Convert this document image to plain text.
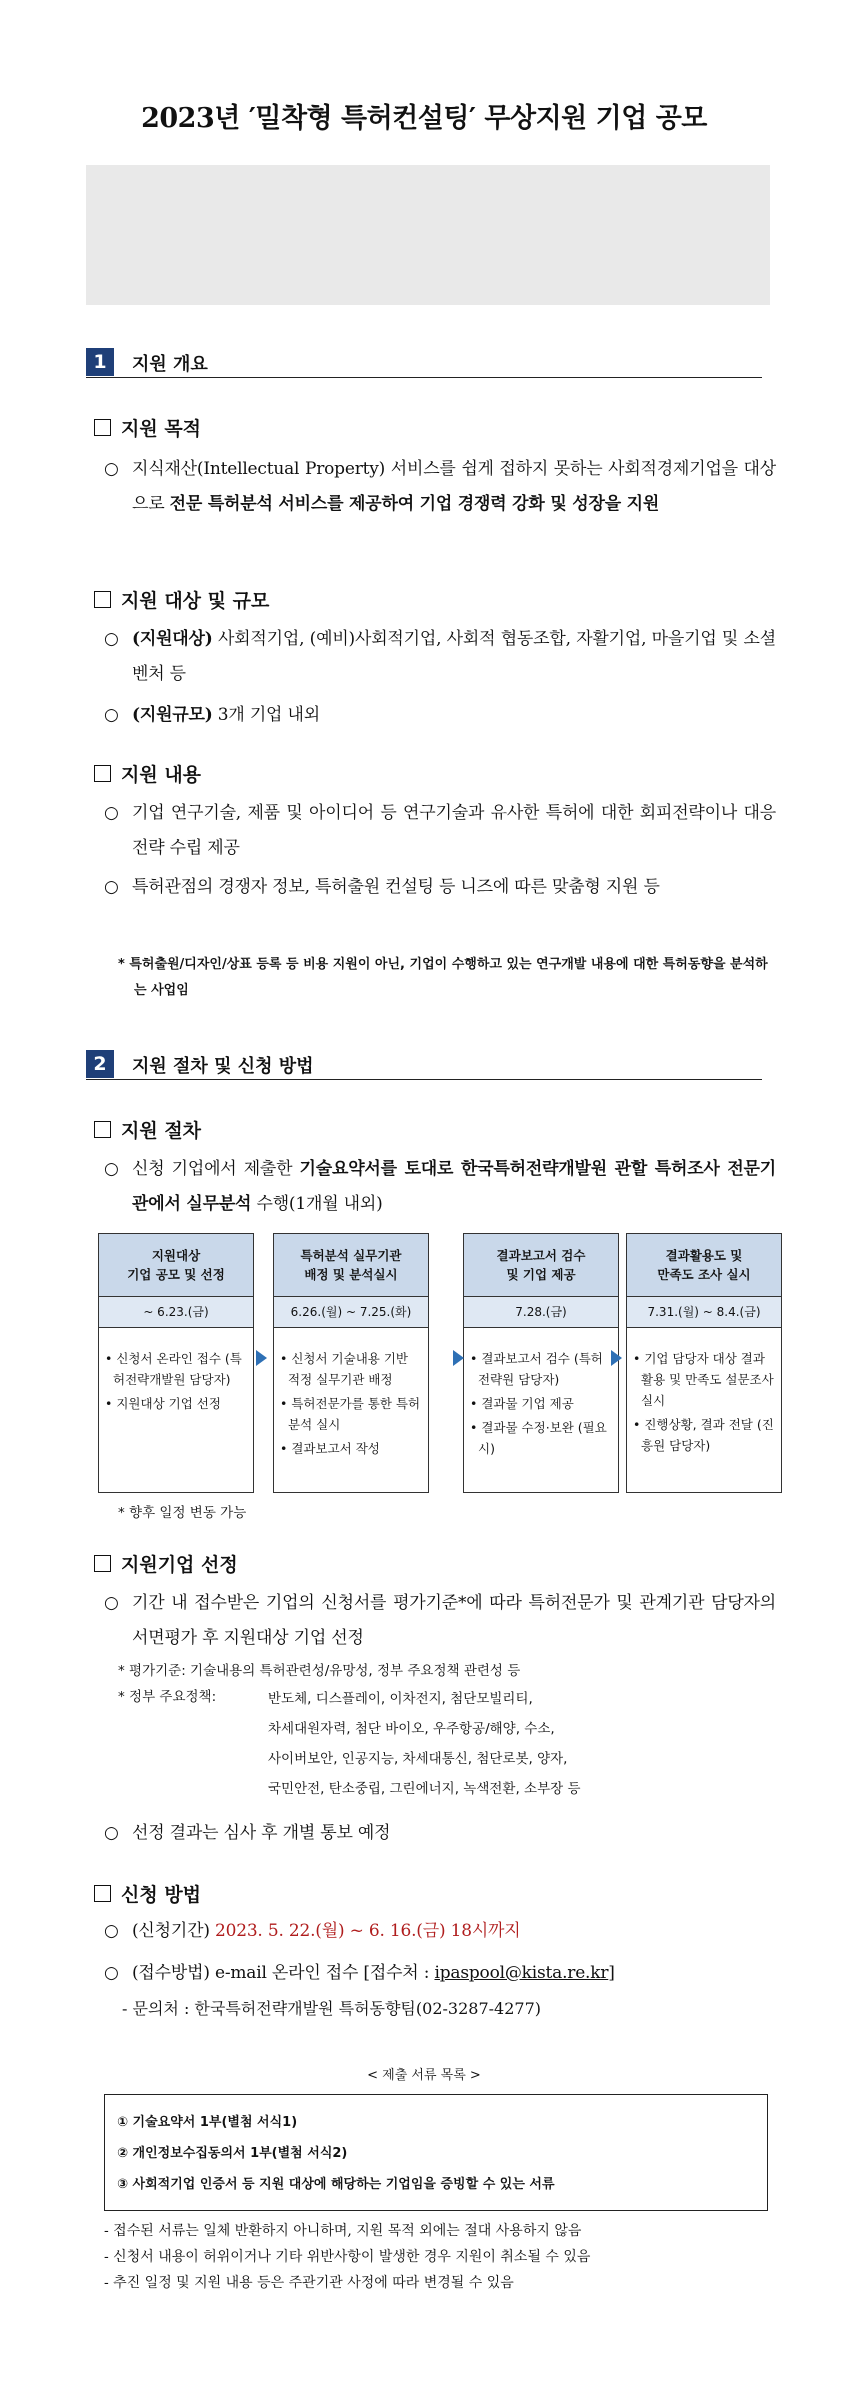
2023년 ′밀착형 특허컨설팅′ 무상지원 기업 공모
1	지원 개요
지원 목적
○ 지식재산(Intellectual Property) 서비스를 쉽게 접하지 못하는 사회적경제기업을 대상으로 전문 특허분석 서비스를 제공하여 기업 경쟁력 강화 및 성장을 지원
지원 대상 및 규모
○ (지원대상) 사회적기업, (예비)사회적기업, 사회적 협동조합, 자활기업, 마을기업 및 소셜벤처 등
○ (지원규모) 3개 기업 내외
지원 내용
○ 기업 연구기술, 제품 및 아이디어 등 연구기술과 유사한 특허에 대한 회피전략이나 대응전략 수립 제공
○ 특허관점의 경쟁자 정보, 특허출원 컨설팅 등 니즈에 따른 맞춤형 지원 등
* 특허출원/디자인/상표 등록 등 비용 지원이 아닌, 기업이 수행하고 있는 연구개발 내용에 대한 특허동향을 분석하는 사업임
2	지원 절차 및 신청 방법
지원 절차
○ 신청 기업에서 제출한 기술요약서를 토대로 한국특허전략개발원 관할 특허조사 전문기관에서 실무분석 수행(1개월 내외)
지원대상
기업 공모 및 선정
~ 6.23.(금)
• 신청서 온라인 접수 (특허전략개발원 담당자)
• 지원대상 기업 선정
특허분석 실무기관
배정 및 분석실시
6.26.(월) ~ 7.25.(화)
• 신청서 기술내용 기반 적정 실무기관 배정
• 특허전문가를 통한 특허 분석 실시
• 결과보고서 작성
결과보고서 검수
및 기업 제공
7.28.(금)
• 결과보고서 검수 (특허전략원 담당자)
• 결과물 기업 제공
• 결과물 수정·보완 (필요시)
결과활용도 및
만족도 조사 실시
7.31.(월) ~ 8.4.(금)
• 기업 담당자 대상 결과활용 및 만족도 설문조사 실시
• 진행상황, 결과 전달 (진흥원 담당자)
* 향후 일정 변동 가능
지원기업 선정
○ 기간 내 접수받은 기업의 신청서를 평가기준*에 따라 특허전문가 및 관계기관 담당자의 서면평가 후 지원대상 기업 선정
* 평가기준: 기술내용의 특허관련성/유망성, 정부 주요정책 관련성 등
* 정부 주요정책:	반도체, 디스플레이, 이차전지, 첨단모빌리티,
차세대원자력, 첨단 바이오, 우주항공/해양, 수소,
사이버보안, 인공지능, 차세대통신, 첨단로봇, 양자,
국민안전, 탄소중립, 그린에너지, 녹색전환, 소부장 등
○ 선정 결과는 심사 후 개별 통보 예정
신청 방법
○ (신청기간) 2023. 5. 22.(월) ~ 6. 16.(금) 18시까지
○ (접수방법) e-mail 온라인 접수 [접수처 : ipaspool@kista.re.kr]
- 문의처 : 한국특허전략개발원 특허동향팀(02-3287-4277)
< 제출 서류 목록 >
① 기술요약서 1부(별첨 서식1)
② 개인정보수집동의서 1부(별첨 서식2)
③ 사회적기업 인증서 등 지원 대상에 해당하는 기업임을 증빙할 수 있는 서류
- 접수된 서류는 일체 반환하지 아니하며, 지원 목적 외에는 절대 사용하지 않음
- 신청서 내용이 허위이거나 기타 위반사항이 발생한 경우 지원이 취소될 수 있음
- 추진 일정 및 지원 내용 등은 주관기관 사정에 따라 변경될 수 있음
